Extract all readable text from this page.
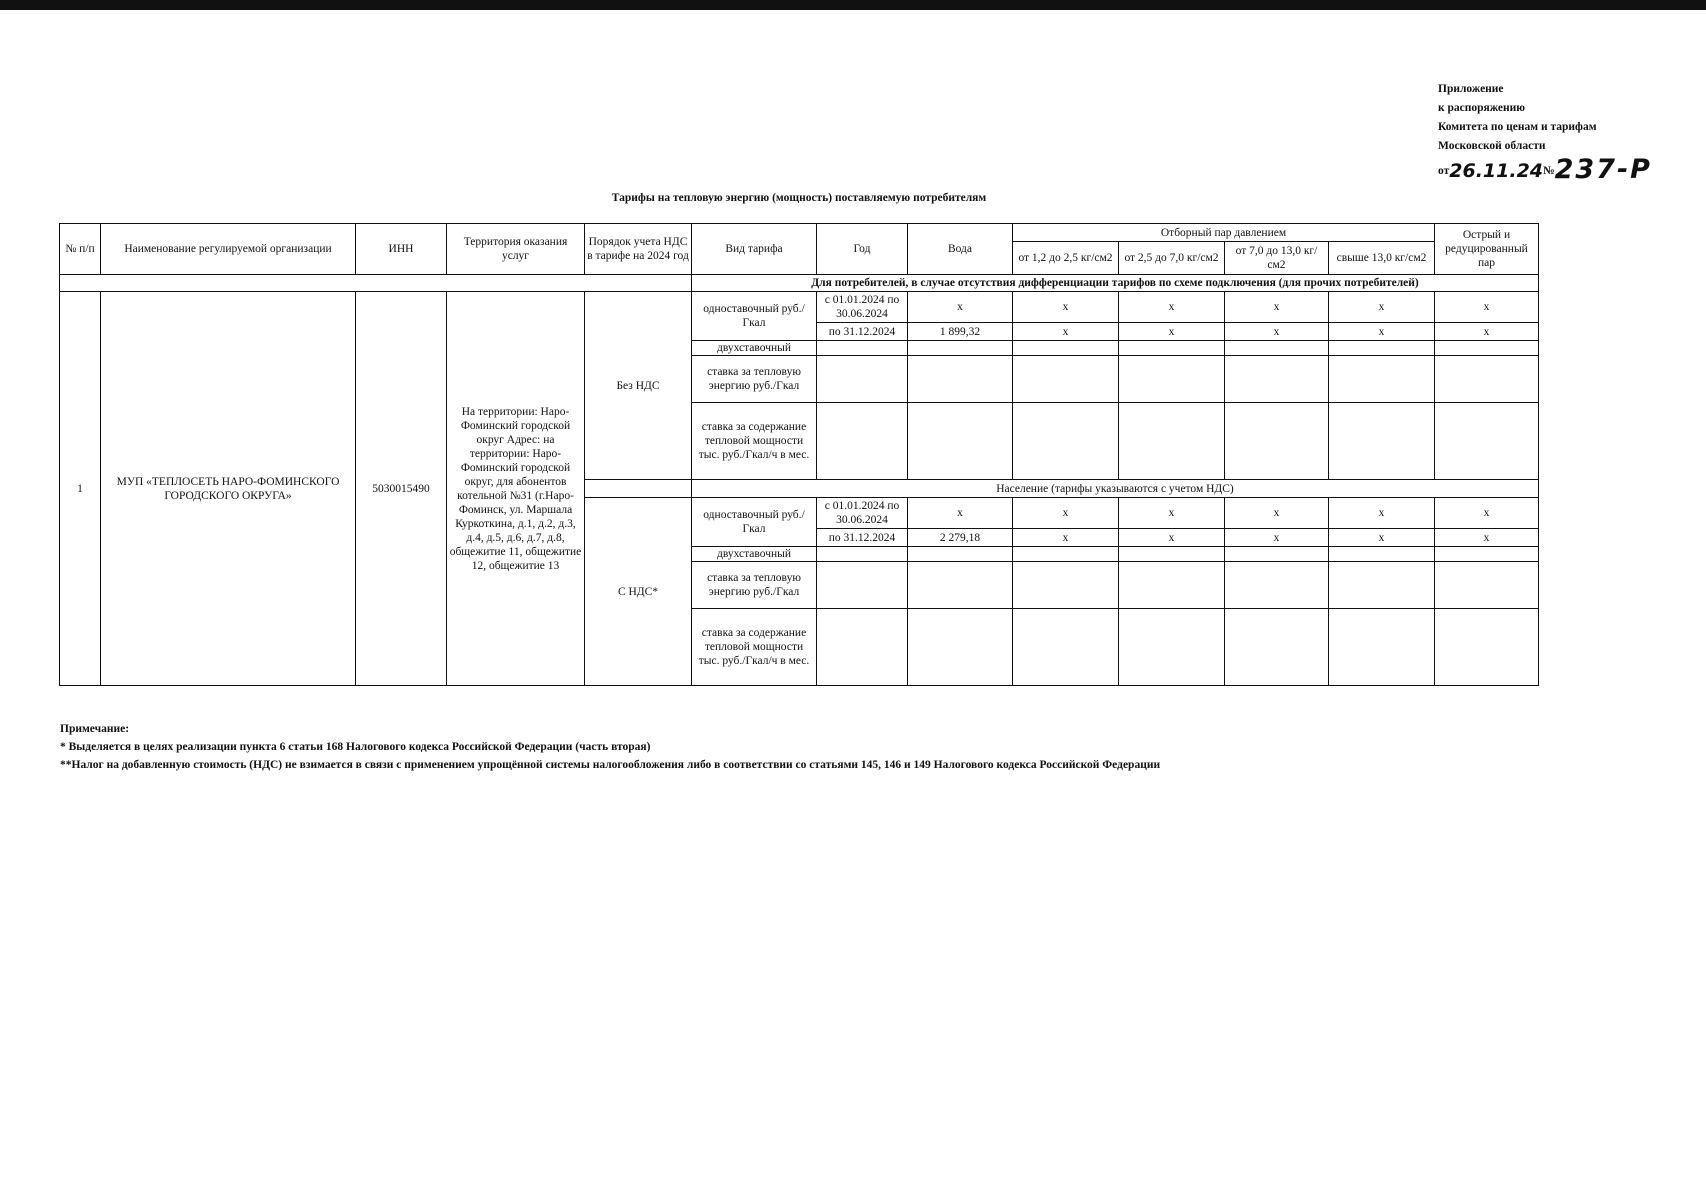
Приложение
к распоряжению
Комитета по ценам и тарифам
Московской области
от26.11.24№237-Р
Тарифы на тепловую энергию (мощность) поставляемую потребителям
№ п/п	Наименование регулируемой организации	ИНН	Территория оказания услуг	Порядок учета НДС в тарифе на 2024 год	Вид тарифа	Год	Вода	Отборный пар давлением				Острый и редуцированный пар
								от 1,2 до 2,5 кг/см2	от 2,5 до 7,0 кг/см2	от 7,0 до 13,0 кг/см2	свыше 13,0 кг/см2	
					Для потребителей, в случае отсутствия дифференциации тарифов по схеме подключения (для прочих потребителей)							
1	МУП «ТЕПЛОСЕТЬ НАРО-ФОМИНСКОГО ГОРОДСКОГО ОКРУГА»	5030015490	На территории: Наро-Фоминский городской округ Адрес: на территории: Наро-Фоминский городской округ, для абонентов котельной №31 (г.Наро-Фоминск, ул. Маршала Куркоткина, д.1, д.2, д.3, д.4, д.5, д.6, д.7, д.8, общежитие 11, общежитие 12, общежитие 13	Без НДС	одноставочный руб./Гкал	с 01.01.2024 по 30.06.2024	x	x	x	x	x	x
						по 31.12.2024	1 899,32	x	x	x	x	x
					двухставочный							
					ставка за тепловую энергию руб./Гкал							
					ставка за содержание тепловой мощности тыс. руб./Гкал/ч в мес.							
					Население (тарифы указываются с учетом НДС)							
				С НДС*	одноставочный руб./Гкал	с 01.01.2024 по 30.06.2024	x	x	x	x	x	x
						по 31.12.2024	2 279,18	x	x	x	x	x
					двухставочный							
					ставка за тепловую энергию руб./Гкал							
					ставка за содержание тепловой мощности тыс. руб./Гкал/ч в мес.							
Примечание:
* Выделяется в целях реализации пункта 6 статьи 168 Налогового кодекса Российской Федерации (часть вторая)
**Налог на добавленную стоимость (НДС) не взимается в связи с применением упрощённой системы налогообложения либо в соответствии со статьями 145, 146 и 149 Налогового кодекса Российской Федерации
